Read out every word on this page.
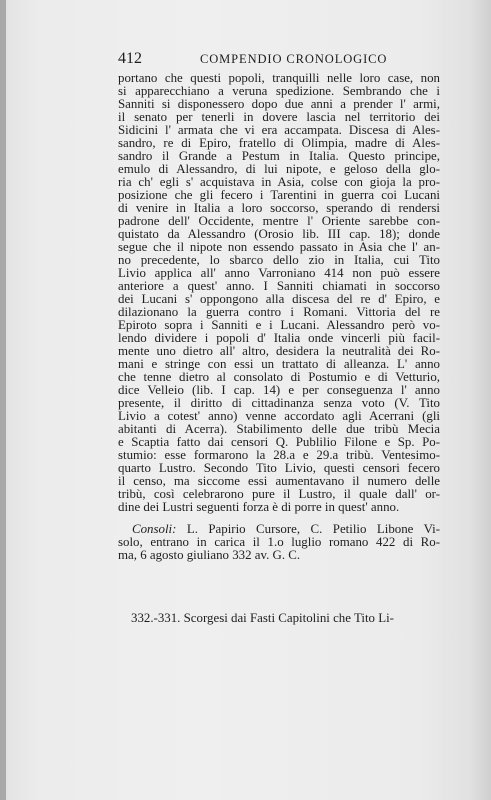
412	COMPENDIO CRONOLOGICO
portano che questi popoli, tranquilli nelle loro case, non
si apparecchiano a veruna spedizione. Sembrando che i
Sanniti si disponessero dopo due anni a prender l' armi,
il senato per tenerli in dovere lascia nel territorio dei
Sidicini l' armata che vi era accampata. Discesa di Ales-
sandro, re di Epiro, fratello di Olimpia, madre di Ales-
sandro il Grande a Pestum in Italia. Questo principe,
emulo di Alessandro, di lui nipote, e geloso della glo-
ria ch' egli s' acquistava in Asia, colse con gioja la pro-
posizione che gli fecero i Tarentini in guerra coi Lucani
di venire in Italia a loro soccorso, sperando di rendersi
padrone dell' Occidente, mentre l' Oriente sarebbe con-
quistato da Alessandro (Orosio lib. III cap. 18); donde
segue che il nipote non essendo passato in Asia che l' an-
no precedente, lo sbarco dello zio in Italia, cui Tito
Livio applica all' anno Varroniano 414 non può essere
anteriore a quest' anno. I Sanniti chiamati in soccorso
dei Lucani s' oppongono alla discesa del re d' Epiro, e
dilazionano la guerra contro i Romani. Vittoria del re
Epiroto sopra i Sanniti e i Lucani. Alessandro però vo-
lendo dividere i popoli d' Italia onde vincerli più facil-
mente uno dietro all' altro, desidera la neutralità dei Ro-
mani e stringe con essi un trattato di alleanza. L' anno
che tenne dietro al consolato di Postumio e di Vetturio,
dice Velleio (lib. I cap. 14) e per conseguenza l' anno
presente, il diritto di cittadinanza senza voto (V. Tito
Livio a cotest' anno) venne accordato agli Acerrani (gli
abitanti di Acerra). Stabilimento delle due tribù Mecia
e Scaptia fatto dai censori Q. Publilio Filone e Sp. Po-
stumio: esse formarono la 28.a e 29.a tribù. Ventesimo-
quarto Lustro. Secondo Tito Livio, questi censori fecero
il censo, ma siccome essi aumentavano il numero delle
tribù, così celebrarono pure il Lustro, il quale dall' or-
dine dei Lustri seguenti forza è di porre in quest' anno.
Consoli: L. Papirio Cursore, C. Petilio Libone Vi-
solo, entrano in carica il 1.o luglio romano 422 di Ro-
ma, 6 agosto giuliano 332 av. G. C.
332.-331. Scorgesi dai Fasti Capitolini che Tito Li-
